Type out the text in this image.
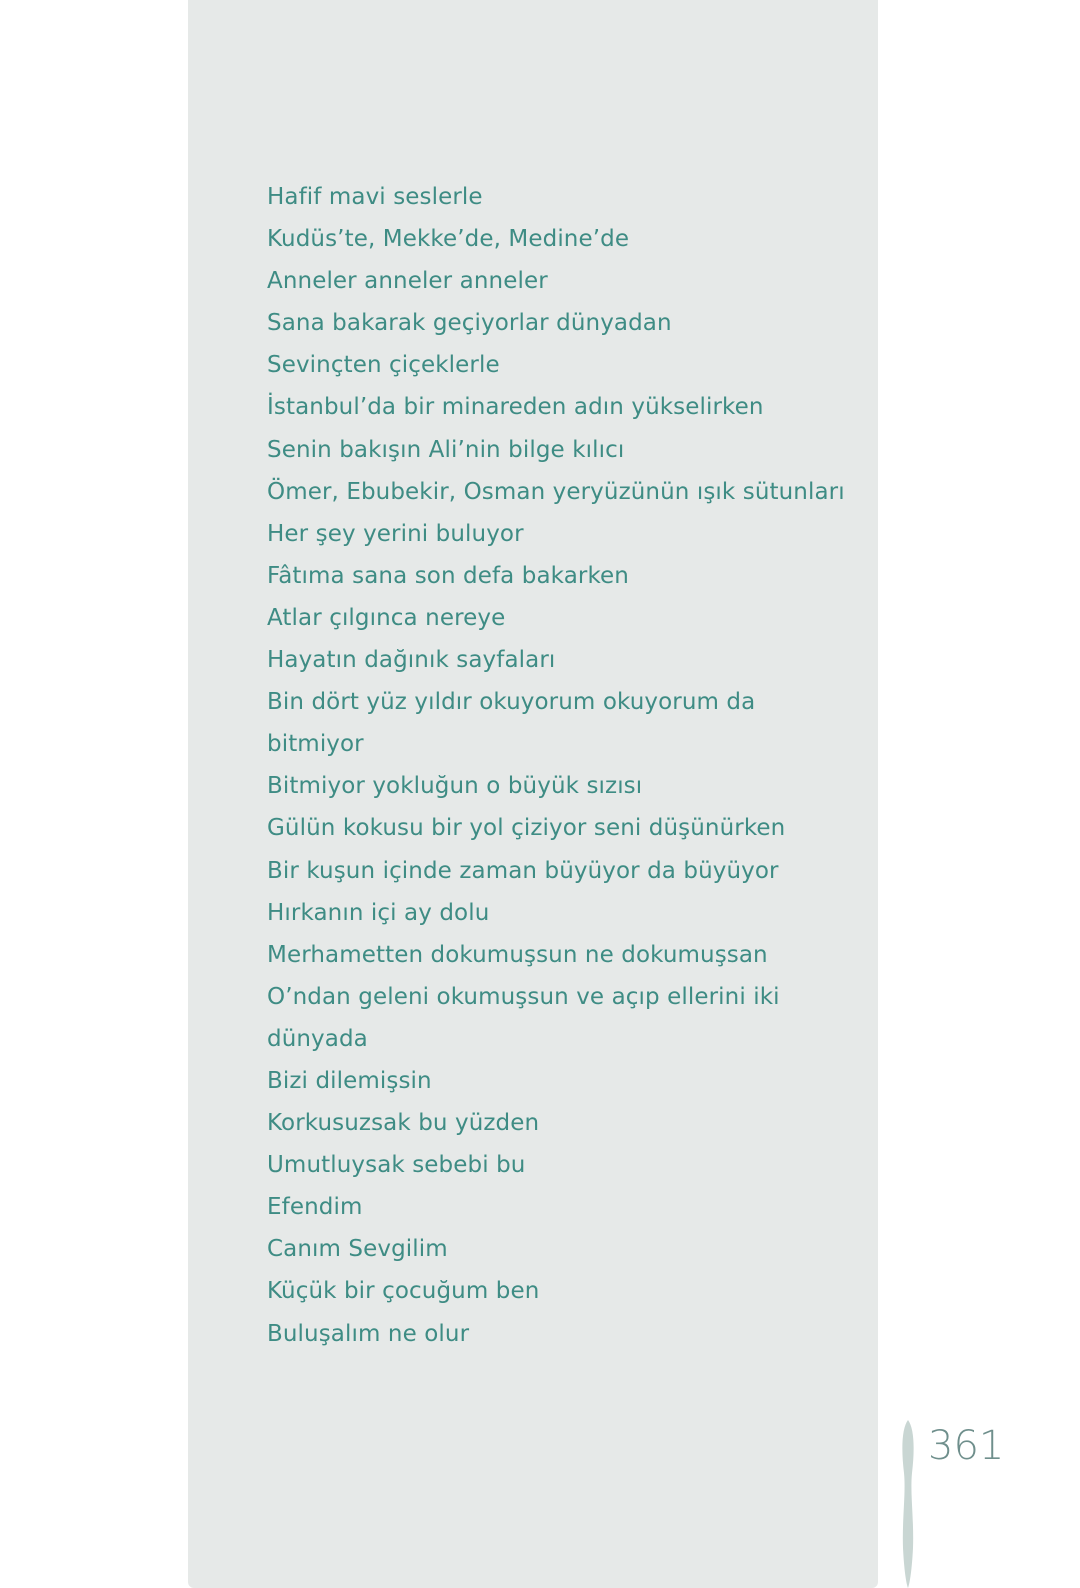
Hafif mavi seslerle
Kudüs’te, Mekke’de, Medine’de
Anneler anneler anneler
Sana bakarak geçiyorlar dünyadan
Sevinçten çiçeklerle
İstanbul’da bir minareden adın yükselirken
Senin bakışın Ali’nin bilge kılıcı
Ömer, Ebubekir, Osman yeryüzünün ışık sütunları
Her şey yerini buluyor
Fâtıma sana son defa bakarken
Atlar çılgınca nereye
Hayatın dağınık sayfaları
Bin dört yüz yıldır okuyorum okuyorum da
bitmiyor
Bitmiyor yokluğun o büyük sızısı
Gülün kokusu bir yol çiziyor seni düşünürken
Bir kuşun içinde zaman büyüyor da büyüyor
Hırkanın içi ay dolu
Merhametten dokumuşsun ne dokumuşsan
O’ndan geleni okumuşsun ve açıp ellerini iki
dünyada
Bizi dilemişsin
Korkusuzsak bu yüzden
Umutluysak sebebi bu
Efendim
Canım Sevgilim
Küçük bir çocuğum ben
Buluşalım ne olur
361
